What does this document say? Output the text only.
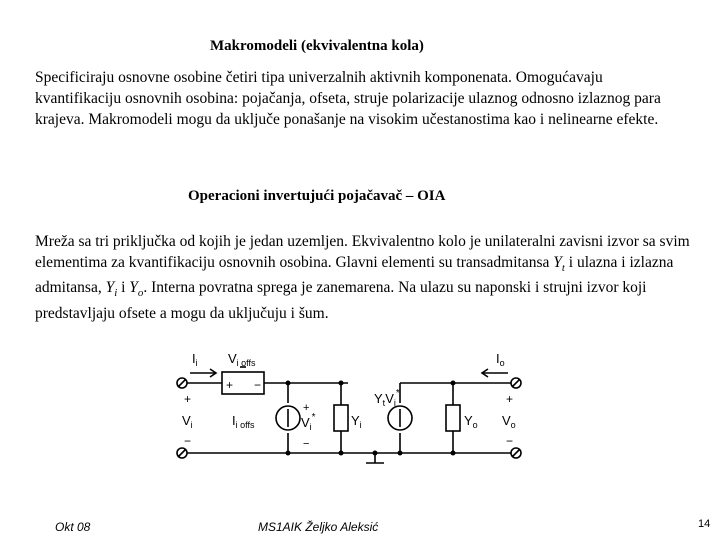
Makromodeli (ekvivalentna kola)
Specificiraju osnovne osobine četiri tipa univerzalnih aktivnih komponenata. Omogućavaju kvantifikaciju osnovnih osobina: pojačanja, ofseta, struje polarizacije ulaznog odnosno izlaznog para krajeva. Makromodeli mogu da uključe ponašanje na visokim učestanostima kao i nelinearne efekte.
Operacioni invertujući pojačavač – OIA
Mreža sa tri priključka od kojih je jedan uzemljen. Ekvivalentno kolo je unilateralni zavisni izvor sa svim elementima za kvantifikaciju osnovnih osobina. Glavni elementi su transadmitansa $Y_t$ i ulazna i izlazna admitansa, $Y_i$ i $Y_o$. Interna povratna sprega je zanemarena. Na ulazu su naponski i strujni izvor koji predstavljaju ofsete a mogu da uključuju i šum.
$I_i$ $V_{i offs}$
+ −
$I_o$
+
$V_i$
−
$I_{i offs}$
+
$V_i^*$
−
$Y_i$
$Y_tV_i^*$
$Y_o$
+
$V_o$
−
Okt 08	MS1AIK Željko Aleksić	14
